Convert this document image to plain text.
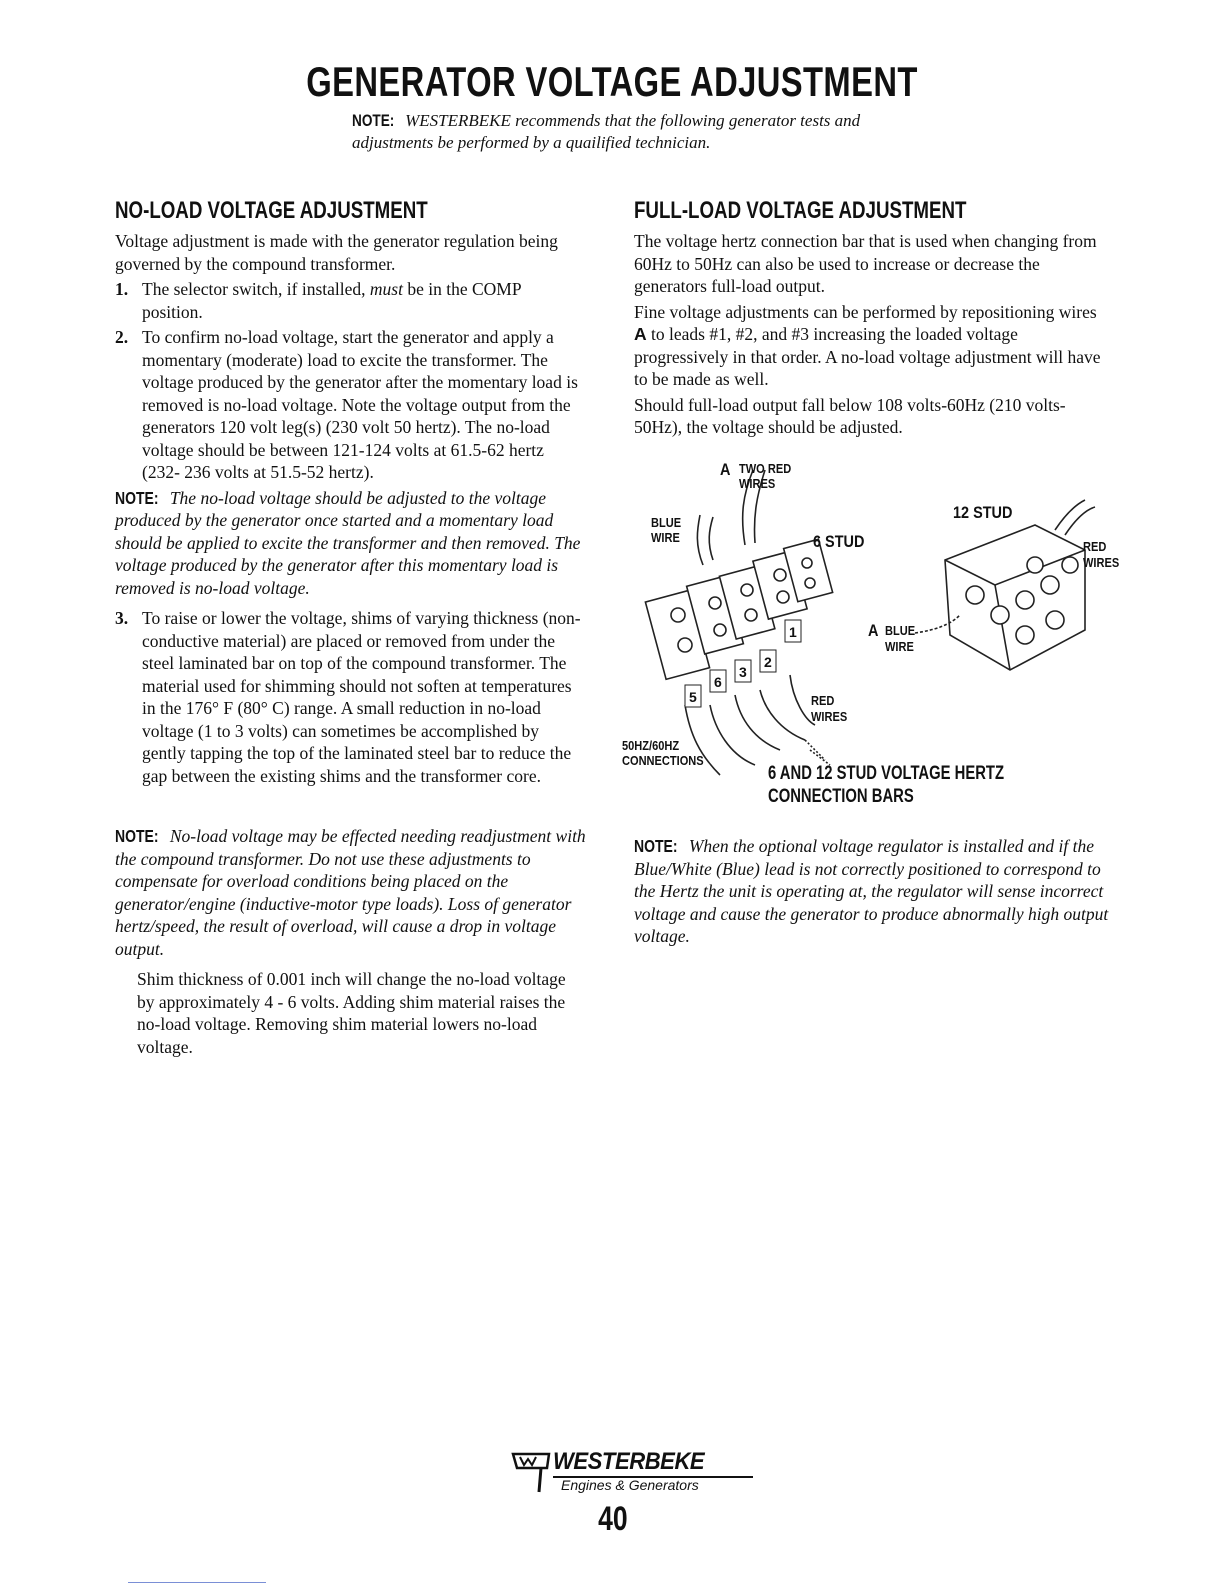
GENERATOR VOLTAGE ADJUSTMENT
NOTE: WESTERBEKE recommends that the following generator tests and adjustments be performed by a quailified technician.
NO-LOAD VOLTAGE ADJUSTMENT

Voltage adjustment is made with the generator regulation being governed by the compound transformer.

1. The selector switch, if installed, must be in the COMP position.
2. To confirm no-load voltage, start the generator and apply a momentary (moderate) load to excite the transformer. The voltage produced by the generator after the momentary load is removed is no-load voltage. Note the voltage output from the generators 120 volt leg(s) (230 volt 50 hertz). The no-load voltage should be between 121-124 volts at 61.5-62 hertz (232- 236 volts at 51.5-52 hertz).
NOTE: The no-load voltage should be adjusted to the voltage produced by the generator once started and a momentary load should be applied to excite the transformer and then removed. The voltage produced by the generator after this momentary load is removed is no-load voltage.
3. To raise or lower the voltage, shims of varying thickness (non-conductive material) are placed or removed from under the steel laminated bar on top of the compound transformer. The material used for shimming should not soften at temperatures in the 176° F (80° C) range. A small reduction in no-load voltage (1 to 3 volts) can sometimes be accomplished by gently tapping the top of the laminated steel bar to reduce the gap between the existing shims and the transformer core.
NOTE: No-load voltage may be effected needing readjustment with the compound transformer. Do not use these adjustments to compensate for overload conditions being placed on the generator/engine (inductive-motor type loads). Loss of generator hertz/speed, the result of overload, will cause a drop in voltage output.
Shim thickness of 0.001 inch will change the no-load voltage by approximately 4 - 6 volts. Adding shim material raises the no-load voltage. Removing shim material lowers no-load voltage.
FULL-LOAD VOLTAGE ADJUSTMENT

The voltage hertz connection bar that is used when changing from 60Hz to 50Hz can also be used to increase or decrease the generators full-load output.

Fine voltage adjustments can be performed by repositioning wires A to leads #1, #2, and #3 increasing the loaded voltage progressively in that order. A no-load voltage adjustment will have to be made as well.

Should full-load output fall below 108 volts-60Hz (210 volts-50Hz), the voltage should be adjusted.

1
2
3
6
5
A TWO RED
WIRES
BLUE
WIRE	6 STUD
12 STUD
RED
WIRES
A BLUE
WIRE
RED
WIRES
50HZ/60HZ
CONNECTIONS
6 AND 12 STUD VOLTAGE HERTZ
CONNECTION BARS
NOTE: When the optional voltage regulator is installed and if the Blue/White (Blue) lead is not correctly positioned to correspond to the Hertz the unit is operating at, the regulator will sense incorrect voltage and cause the generator to produce abnormally high output voltage.
WESTERBEKE
Engines & Generators
40
